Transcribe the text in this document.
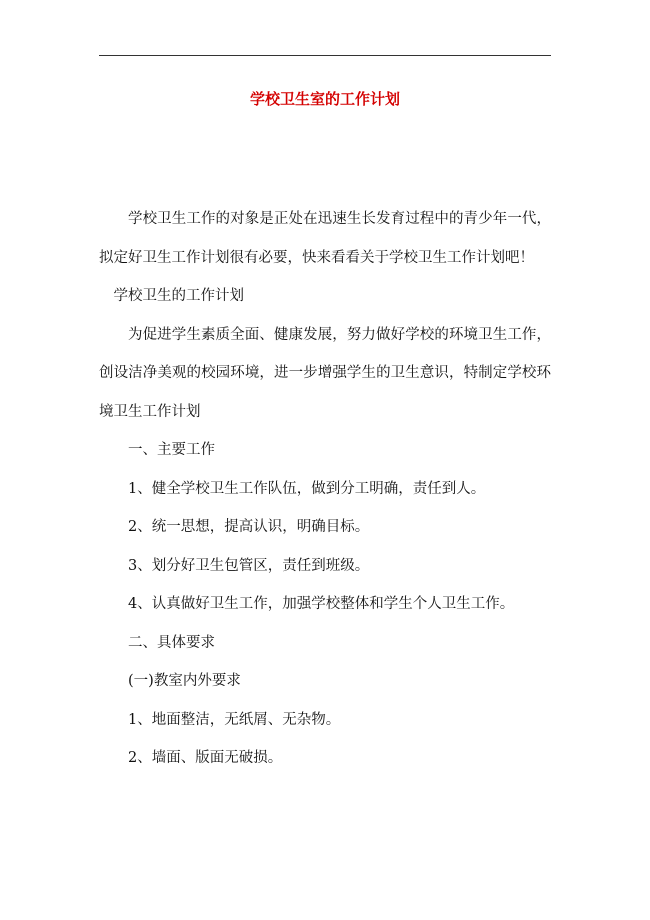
学校卫生室的工作计划

学校卫生工作的对象是正处在迅速生长发育过程中的青少年一代，拟定好卫生工作计划很有必要，快来看看关于学校卫生工作计划吧！

学校卫生的工作计划

为促进学生素质全面、健康发展，努力做好学校的环境卫生工作，创设洁净美观的校园环境，进一步增强学生的卫生意识，特制定学校环境卫生工作计划

一、主要工作

1、健全学校卫生工作队伍，做到分工明确，责任到人。

2、统一思想，提高认识，明确目标。

3、划分好卫生包管区，责任到班级。

4、认真做好卫生工作，加强学校整体和学生个人卫生工作。

二、具体要求

(一)教室内外要求

1、地面整洁，无纸屑、无杂物。

2、墙面、版面无破损。
